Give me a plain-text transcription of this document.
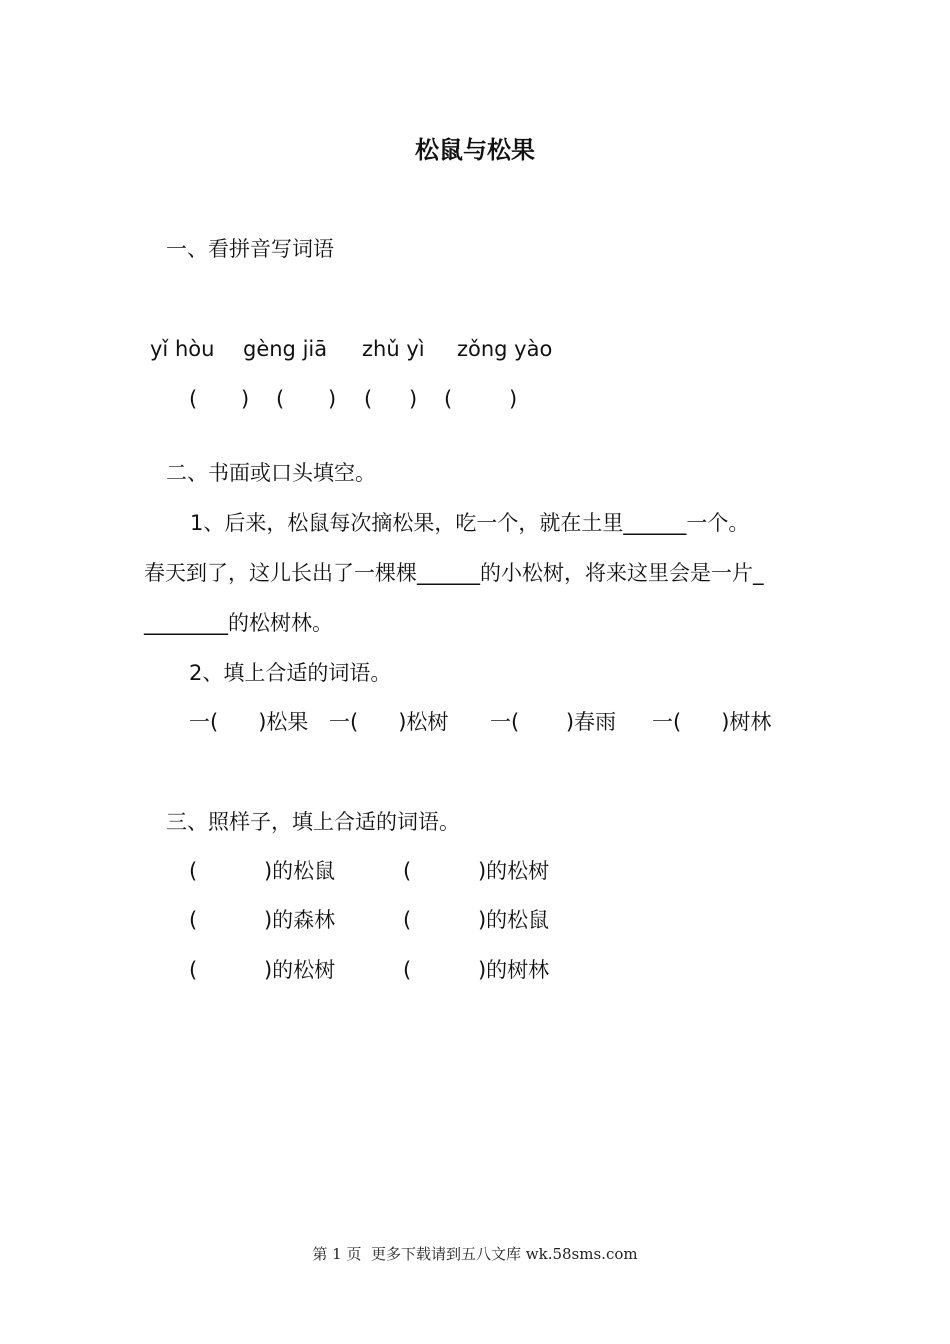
松鼠与松果
一、看拼音写词语
yǐ hòu gèng jiā zhǔ yì zǒng yào
( ) ( ) ( ) (	)
二、书面或口头填空。
1、后来，松鼠每次摘松果，吃一个，就在土里______一个。
春天到了，这儿长出了一棵棵______的小松树，将来这里会是一片_
________的松树林。
2、填上合适的词语。
一(      )松果 一(      )松树 一(       )春雨 一(      )树林
三、照样子，填上合适的词语。
(          )的松鼠	(          )的松树
(          )的森林	(          )的松鼠
(          )的松树	(          )的树林
第 1 页  更多下载请到五八文库 wk.58sms.com
